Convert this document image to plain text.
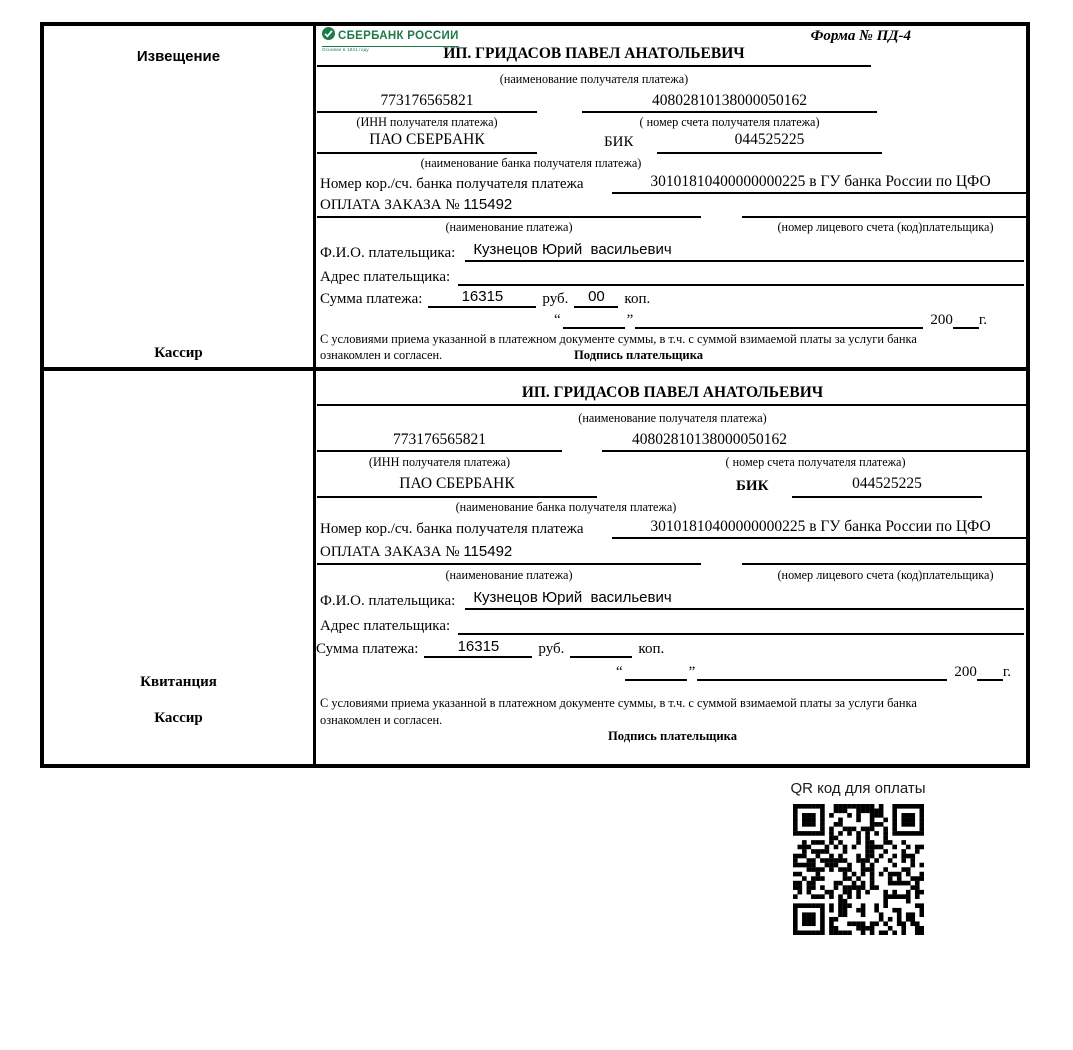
Извещение
Кассир
СБЕРБАНК РОССИИ
Основан в 1841 году
Форма № ПД-4
ИП. ГРИДАСОВ ПАВЕЛ АНАТОЛЬЕВИЧ
(наименование получателя платежа)
773176565821	40802810138000050162
(ИНН получателя платежа)	( номер счета получателя платежа)
ПАО СБЕРБАНК	БИК	044525225
(наименование банка получателя платежа)
Номер кор./сч. банка получателя платежа	30101810400000000225 в ГУ банка России по ЦФО
ОПЛАТА ЗАКАЗА № 115492
(наименование платежа)	(номер лицевого счета (код)плательщика)
Ф.И.О. плательщика:	Кузнецов Юрий  васильевич
Адрес плательщика:
Сумма платежа:	16315	руб.	00	коп.
“	”	200 г.
С условиями приема указанной в платежном документе суммы, в т.ч. с суммой взимаемой платы за услуги банка
ознакомлен и согласен.	Подпись плательщика
Квитанция
Кассир
ИП. ГРИДАСОВ ПАВЕЛ АНАТОЛЬЕВИЧ
(наименование получателя платежа)
773176565821	40802810138000050162
(ИНН получателя платежа)	( номер счета получателя платежа)
ПАО СБЕРБАНК	БИК	044525225
(наименование банка получателя платежа)
Номер кор./сч. банка получателя платежа	30101810400000000225 в ГУ банка России по ЦФО
ОПЛАТА ЗАКАЗА № 115492
(наименование платежа)	(номер лицевого счета (код)плательщика)
Ф.И.О. плательщика:	Кузнецов Юрий  васильевич
Адрес плательщика:
Сумма платежа:	16315	руб.	коп.
“	”	200 г.
С условиями приема указанной в платежном документе суммы, в т.ч. с суммой взимаемой платы за услуги банка
ознакомлен и согласен.
Подпись плательщика
QR код для оплаты
